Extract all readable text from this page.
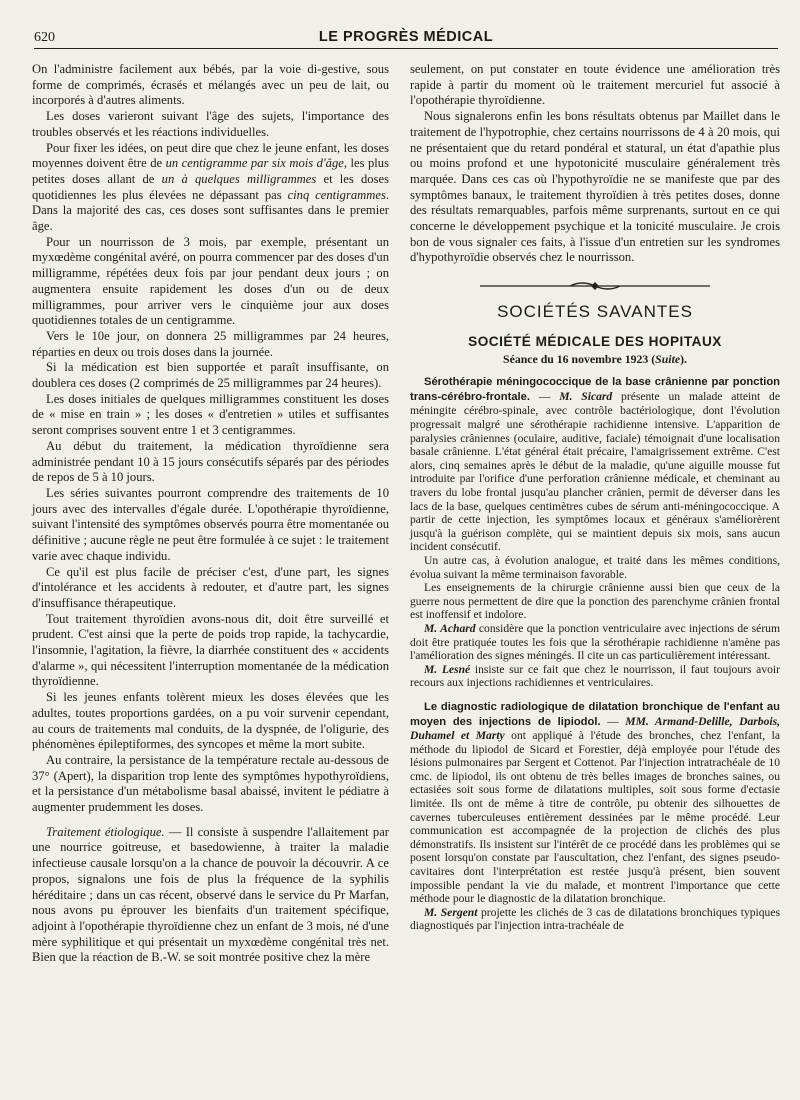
620	LE PROGRÈS MÉDICAL

On l'administre facilement aux bébés, par la voie di-gestive, sous forme de comprimés, écrasés et mélangés avec un peu de lait, ou incorporés à d'autres aliments.

Les doses varieront suivant l'âge des sujets, l'importance des troubles observés et les réactions individuelles.

Pour fixer les idées, on peut dire que chez le jeune enfant, les doses moyennes doivent être de un centigramme par six mois d'âge, les plus petites doses allant de un à quelques milligrammes et les doses quotidiennes les plus élevées ne dépassant pas cinq centigrammes. Dans la majorité des cas, ces doses sont suffisantes dans le premier âge.

Pour un nourrisson de 3 mois, par exemple, présentant un myxœdème congénital avéré, on pourra commencer par des doses d'un milligramme, répétées deux fois par jour pendant deux jours ; on augmentera ensuite rapidement les doses d'un ou de deux milligrammes, pour arriver vers le cinquième jour aux doses quotidiennes totales de un centigramme.

Vers le 10e jour, on donnera 25 milligrammes par 24 heures, réparties en deux ou trois doses dans la journée.

Si la médication est bien supportée et paraît insuffisante, on doublera ces doses (2 comprimés de 25 milligrammes par 24 heures).

Les doses initiales de quelques milligrammes constituent les doses de « mise en train » ; les doses « d'entretien » utiles et suffisantes seront comprises souvent entre 1 et 3 centigrammes.

Au début du traitement, la médication thyroïdienne sera administrée pendant 10 à 15 jours consécutifs séparés par des périodes de repos de 5 à 10 jours.

Les séries suivantes pourront comprendre des traitements de 10 jours avec des intervalles d'égale durée. L'opothérapie thyroïdienne, suivant l'intensité des symptômes observés pourra être momentanée ou définitive ; aucune règle ne peut être formulée à ce sujet : le traitement varie avec chaque individu.

Ce qu'il est plus facile de préciser c'est, d'une part, les signes d'intolérance et les accidents à redouter, et d'autre part, les signes d'insuffisance thérapeutique.

Tout traitement thyroïdien avons-nous dit, doit être surveillé et prudent. C'est ainsi que la perte de poids trop rapide, la tachycardie, l'insomnie, l'agitation, la fièvre, la diarrhée constituent des « accidents d'alarme », qui nécessitent l'interruption momentanée de la médication thyroïdienne.

Si les jeunes enfants tolèrent mieux les doses élevées que les adultes, toutes proportions gardées, on a pu voir survenir cependant, au cours de traitements mal conduits, de la dyspnée, de l'oligurie, des phénomènes épileptiformes, des syncopes et même la mort subite.

Au contraire, la persistance de la température rectale au-dessous de 37° (Apert), la disparition trop lente des symptômes hypothyroïdiens, et la persistance d'un métabolisme basal abaissé, invitent le pédiatre à augmenter prudemment les doses.

Traitement étiologique. — Il consiste à suspendre l'allaitement par une nourrice goitreuse, et basedowienne, à traiter la maladie infectieuse causale lorsqu'on a la chance de pouvoir la découvrir. A ce propos, signalons une fois de plus la fréquence de la syphilis héréditaire ; dans un cas récent, observé dans le service du Pr Marfan, nous avons pu éprouver les bienfaits d'un traitement spécifique, adjoint à l'opothérapie thyroïdienne chez un enfant de 3 mois, né d'une mère syphilitique et qui présentait un myxœdème congénital très net. Bien que la réaction de B.-W. se soit montrée positive chez la mère

seulement, on put constater en toute évidence une amélioration très rapide à partir du moment où le traitement mercuriel fut associé à l'opothérapie thyroïdienne.

Nous signalerons enfin les bons résultats obtenus par Maillet dans le traitement de l'hypotrophie, chez certains nourrissons de 4 à 20 mois, qui ne présentaient que du retard pondéral et statural, un état d'apathie plus ou moins profond et une hypotonicité musculaire généralement très marquée. Dans ces cas où l'hypothyroïdie ne se manifeste que par des symptômes banaux, le traitement thyroïdien à très petites doses, donne des résultats remarquables, parfois même surprenants, surtout en ce qui concerne le développement psychique et la tonicité musculaire. Je crois bon de vous signaler ces faits, à l'issue d'un entretien sur les syndromes d'hypothyroïdie observés chez le nourrisson.

SOCIÉTÉS SAVANTES
SOCIÉTÉ MÉDICALE DES HOPITAUX
Séance du 16 novembre 1923 (Suite).

Sérothérapie méningococcique de la base crânienne par ponction trans-cérébro-frontale. — M. Sicard présente un malade atteint de méningite cérébro-spinale, avec contrôle bactériologique, dont l'évolution progressait malgré une sérothérapie rachidienne intensive. L'apparition de paralysies crâniennes (oculaire, auditive, faciale) témoignait d'une localisation basale crânienne. L'état général était précaire, l'amaigrissement extrême. C'est alors, cinq semaines après le début de la maladie, qu'une aiguille mousse fut introduite par l'orifice d'une perforation crânienne médicale, et cheminant au travers du lobe frontal jusqu'au plancher crânien, permit de déverser dans les lacs de la base, quelques centimètres cubes de sérum anti-méningococcique. A partir de cette injection, les symptômes locaux et généraux s'améliorèrent jusqu'à la guérison complète, qui se maintient depuis six mois, sans aucun incident consécutif.

Un autre cas, à évolution analogue, et traité dans les mêmes conditions, évolua suivant la même terminaison favorable.

Les enseignements de la chirurgie crânienne aussi bien que ceux de la guerre nous permettent de dire que la ponction des parenchyme crânien frontal est inoffensif et indolore.

M. Achard considère que la ponction ventriculaire avec injections de sérum doit être pratiquée toutes les fois que la sérothérapie rachidienne n'amène pas l'amélioration des signes méningés. Il cite un cas particulièrement intéressant.

M. Lesné insiste sur ce fait que chez le nourrisson, il faut toujours avoir recours aux injections rachidiennes et ventriculaires.

Le diagnostic radiologique de dilatation bronchique de l'enfant au moyen des injections de lipiodol. — MM. Armand-Delille, Darbois, Duhamel et Marty ont appliqué à l'étude des bronches, chez l'enfant, la méthode du lipiodol de Sicard et Forestier, déjà employée pour l'étude des lésions pulmonaires par Sergent et Cottenot. Par l'injection intratrachéale de 10 cmc. de lipiodol, ils ont obtenu de très belles images de bronches saines, ou ectasiées soit sous forme de dilatations multiples, soit sous forme d'ectasie limitée. Ils ont de même à titre de contrôle, pu obtenir des silhouettes de cavernes tuberculeuses entièrement dessinées par le même procédé. Leur communication est accompagnée de la projection de clichés des plus démonstratifs. Ils insistent sur l'intérêt de ce procédé dans les problèmes qui se posent lorsqu'on constate par l'auscultation, chez l'enfant, des signes pseudo-cavitaires dont l'interprétation est restée jusqu'à présent, bien souvent impossible pendant la vie du malade, et montrent l'importance que cette méthode pour le diagnostic de la dilatation bronchique.

M. Sergent projette les clichés de 3 cas de dilatations bronchiques typiques diagnostiqués par l'injection intra-trachéale de
